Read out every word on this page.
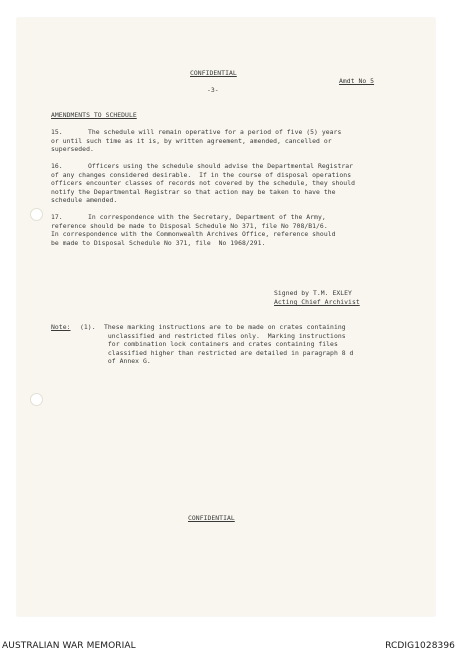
CONFIDENTIAL
Amdt No 5
-3-
AMENDMENTS TO SCHEDULE
15.	The schedule will remain operative for a period of five (5) years
or until such time as it is, by written agreement, amended, cancelled or
superseded.
16.	Officers using the schedule should advise the Departmental Registrar
of any changes considered desirable.  If in the course of disposal operations
officers encounter classes of records not covered by the schedule, they should
notify the Departmental Registrar so that action may be taken to have the
schedule amended.
17.	In correspondence with the Secretary, Department of the Army,
reference should be made to Disposal Schedule No 371, file No 708/B1/6.
In correspondence with the Commonwealth Archives Office, reference should
be made to Disposal Schedule No 371, file  No 1968/291.
Signed by T.M. EXLEY
Acting Chief Archivist
Note: (1). These marking instructions are to be made on crates containing
unclassified and restricted files only.  Marking instructions
for combination lock containers and crates containing files
classified higher than restricted are detailed in paragraph 8 d
of Annex G.
CONFIDENTIAL
AUSTRALIAN WAR MEMORIAL	RCDIG1028396
